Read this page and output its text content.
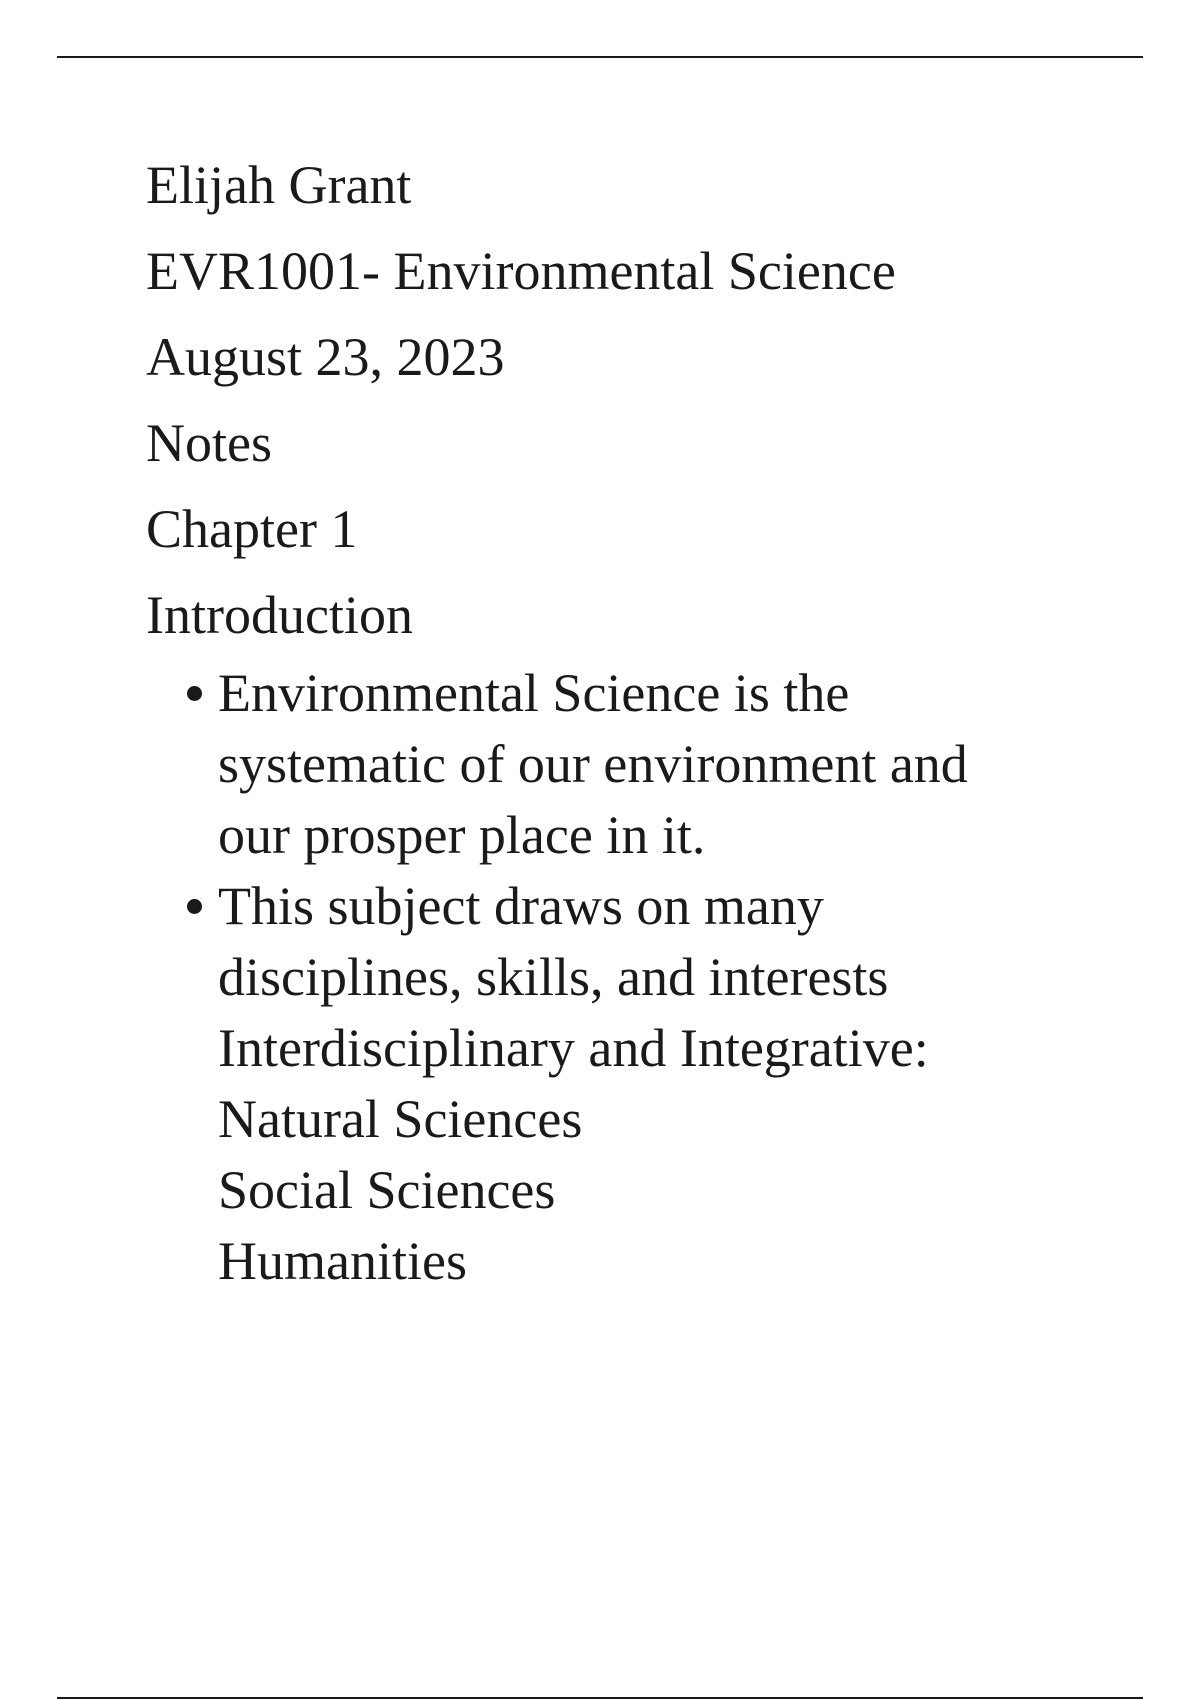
Elijah Grant
EVR1001- Environmental Science
August 23, 2023
Notes
Chapter 1
Introduction
Environmental Science is the
systematic of our environment and
our prosper place in it.
This subject draws on many
disciplines, skills, and interests
Interdisciplinary and Integrative:
Natural Sciences
Social Sciences
Humanities
